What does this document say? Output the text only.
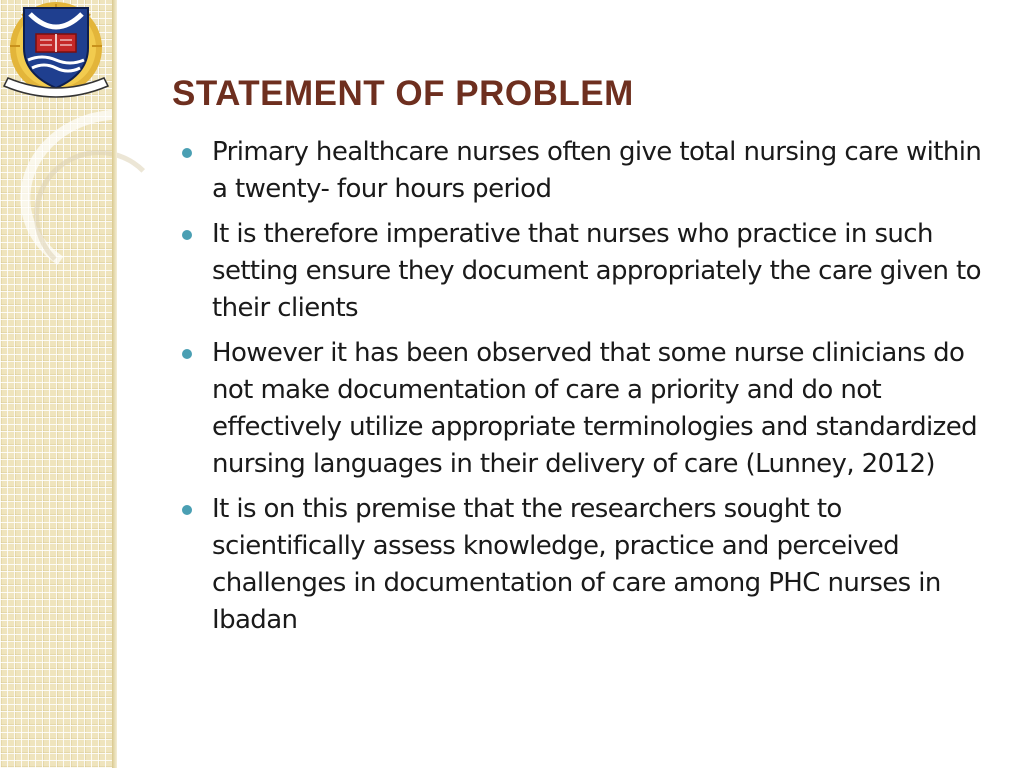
STATEMENT OF PROBLEM
Primary healthcare nurses often give total nursing care within a twenty- four hours period
It is therefore imperative that nurses who practice in such setting ensure they document appropriately the care given to their clients
However it has been observed that some nurse clinicians do not make documentation of care a priority and do not effectively utilize appropriate terminologies and standardized nursing languages in their delivery of care (Lunney, 2012)
It is on this premise that the researchers sought to scientifically assess knowledge, practice and perceived challenges in documentation of care among PHC nurses in Ibadan
